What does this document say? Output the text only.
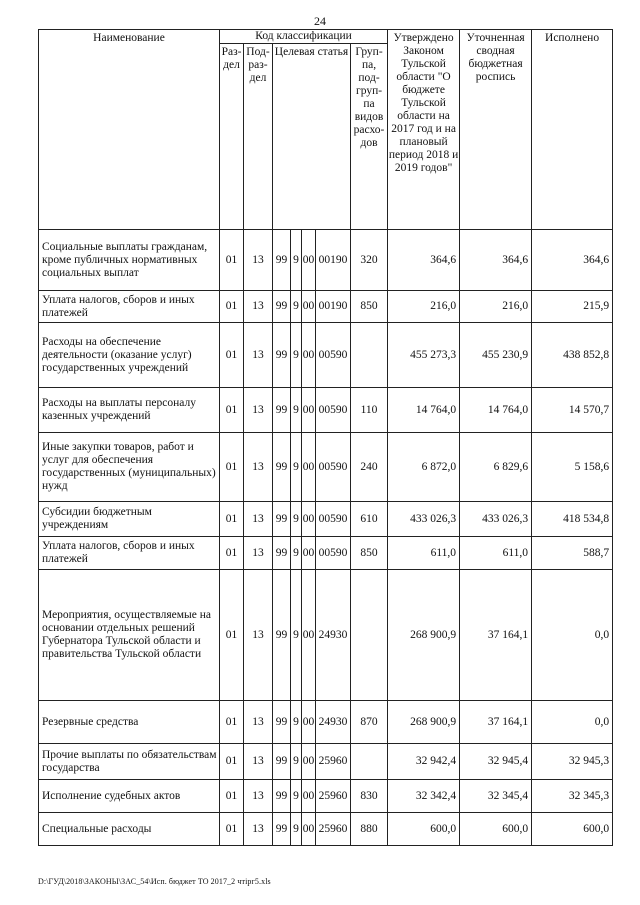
24
Наименование	Код классификации							Утверждено Законом Тульской области "О бюджете Тульской области на 2017 год и на плановый период 2018 и 2019 годов"	Уточненная сводная бюджетная роспись	Исполнено
	Раз-дел	Под-раз-дел	Целевая статья				Груп-па, под-груп-па видов расхо-дов			
Социальные выплаты гражданам, кроме публичных нормативных социальных выплат	01	13	99	9	00	00190	320	364,6	364,6	364,6
Уплата налогов, сборов и иных платежей	01	13	99	9	00	00190	850	216,0	216,0	215,9
Расходы на обеспечение деятельности (оказание услуг) государственных учреждений	01	13	99	9	00	00590		455 273,3	455 230,9	438 852,8
Расходы на выплаты персоналу казенных учреждений	01	13	99	9	00	00590	110	14 764,0	14 764,0	14 570,7
Иные закупки товаров, работ и услуг для обеспечения государственных (муниципальных) нужд	01	13	99	9	00	00590	240	6 872,0	6 829,6	5 158,6
Субсидии бюджетным учреждениям	01	13	99	9	00	00590	610	433 026,3	433 026,3	418 534,8
Уплата налогов, сборов и иных платежей	01	13	99	9	00	00590	850	611,0	611,0	588,7
Мероприятия, осуществляемые на основании отдельных решений Губернатора Тульской области и правительства Тульской области	01	13	99	9	00	24930		268 900,9	37 164,1	0,0
Резервные средства	01	13	99	9	00	24930	870	268 900,9	37 164,1	0,0
Прочие выплаты по обязательствам государства	01	13	99	9	00	25960		32 942,4	32 945,4	32 945,3
Исполнение судебных актов	01	13	99	9	00	25960	830	32 342,4	32 345,4	32 345,3
Специальные расходы	01	13	99	9	00	25960	880	600,0	600,0	600,0
D:\ГУД\2018\ЗАКОНЫ\ЗАС_54\Исп. бюджет ТО 2017_2 чтірг5.xls
